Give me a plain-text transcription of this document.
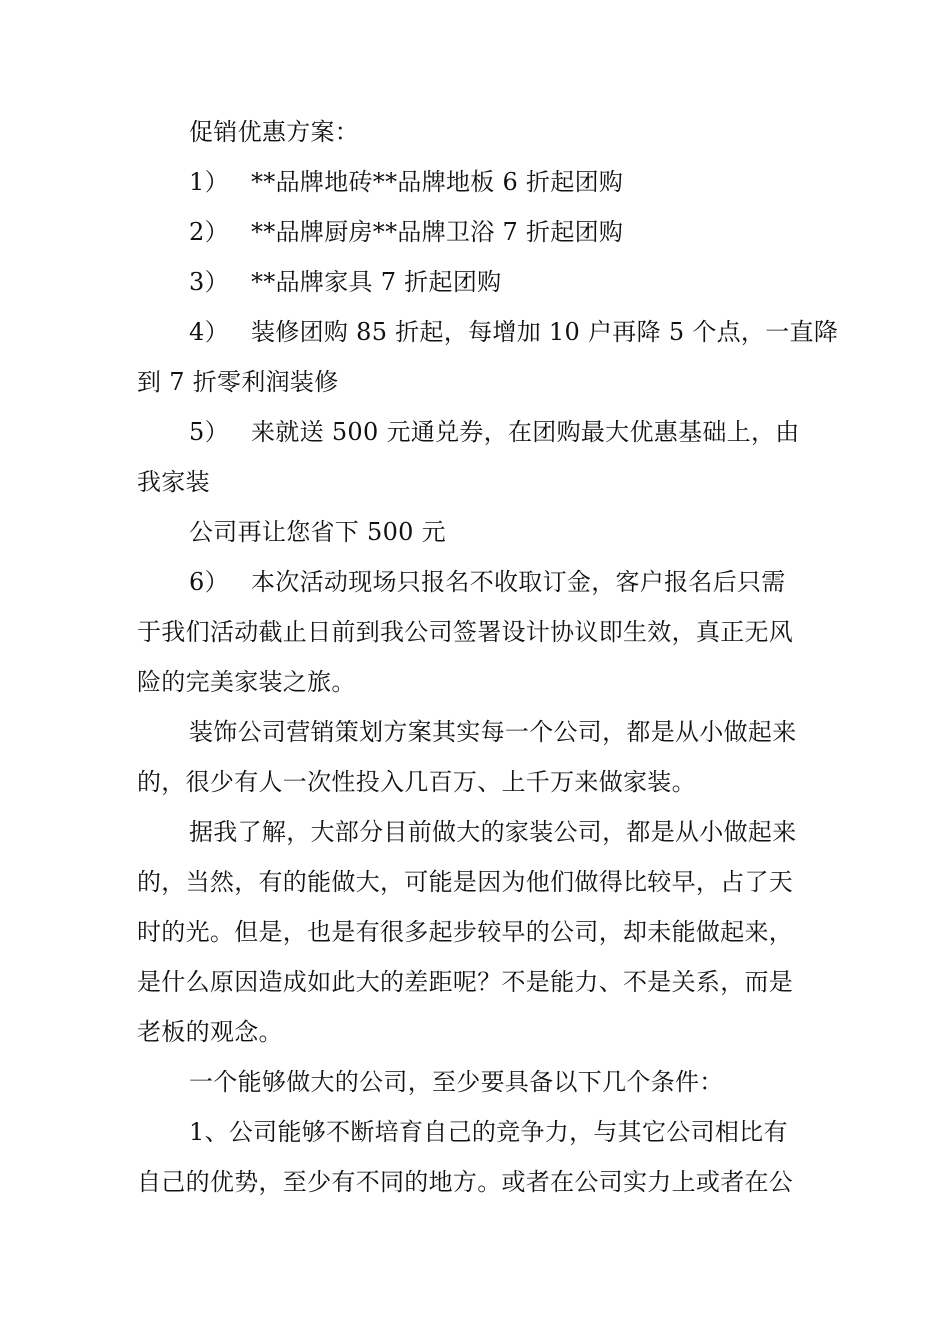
促销优惠方案：
1） **品牌地砖**品牌地板 6 折起团购
2） **品牌厨房**品牌卫浴 7 折起团购
3） **品牌家具 7 折起团购
4） 装修团购 85 折起，每增加 10 户再降 5 个点，一直降
到 7 折零利润装修
5） 来就送 500 元通兑券，在团购最大优惠基础上，由
我家装
公司再让您省下 500 元
6） 本次活动现场只报名不收取订金，客户报名后只需
于我们活动截止日前到我公司签署设计协议即生效，真正无风
险的完美家装之旅。
装饰公司营销策划方案其实每一个公司，都是从小做起来
的，很少有人一次性投入几百万、上千万来做家装。
据我了解，大部分目前做大的家装公司，都是从小做起来
的，当然，有的能做大，可能是因为他们做得比较早，占了天
时的光。但是，也是有很多起步较早的公司，却未能做起来，
是什么原因造成如此大的差距呢？不是能力、不是关系，而是
老板的观念。
一个能够做大的公司，至少要具备以下几个条件：
1、公司能够不断培育自己的竞争力，与其它公司相比有
自己的优势，至少有不同的地方。或者在公司实力上或者在公
